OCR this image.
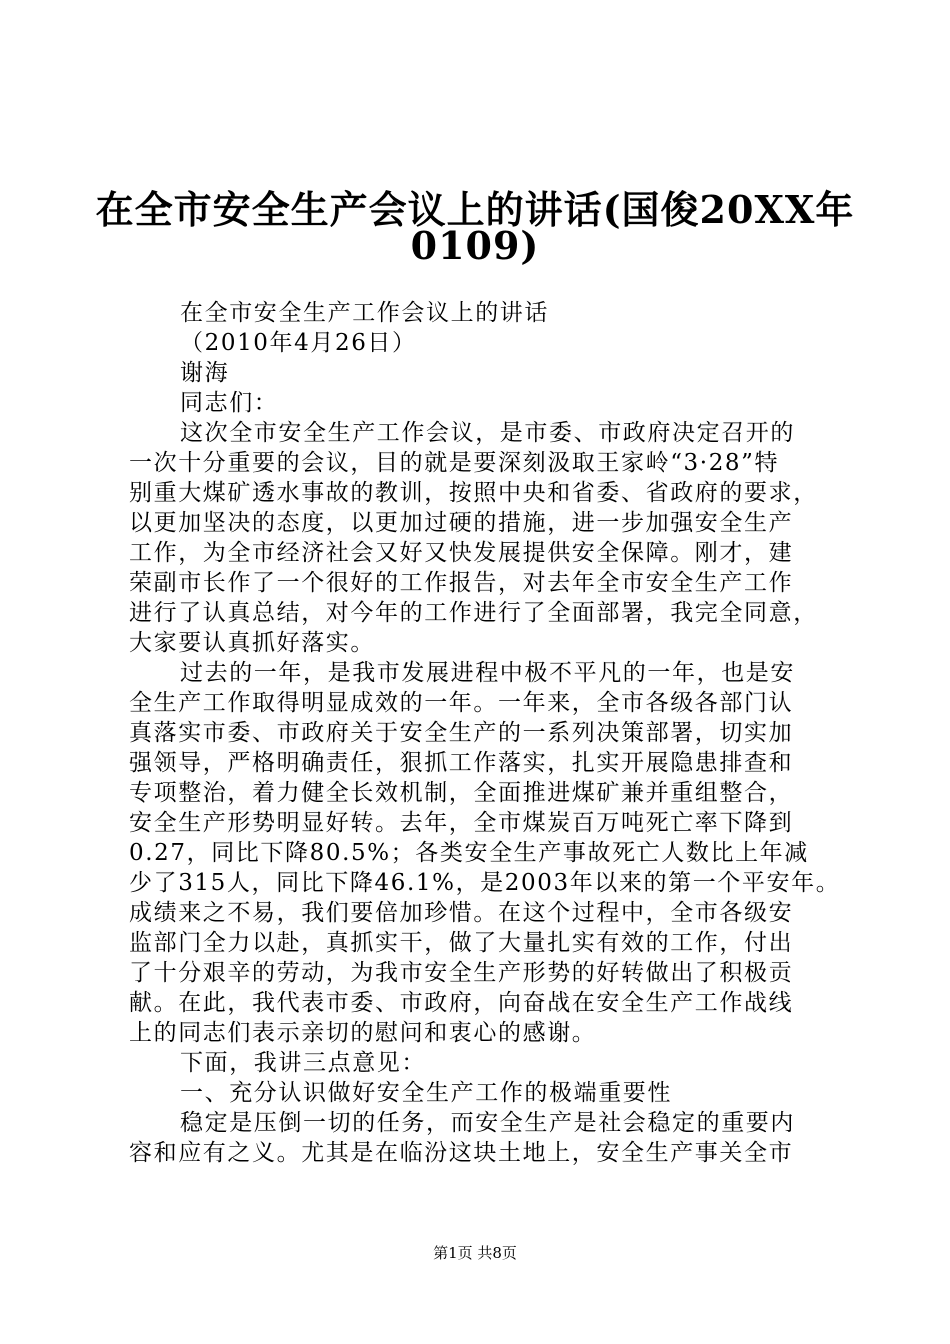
在全市安全生产会议上的讲话(国俊20XX年
0109)
在全市安全生产工作会议上的讲话
（2010年4月26日）
谢海
同志们：
这次全市安全生产工作会议，是市委、市政府决定召开的
一次十分重要的会议，目的就是要深刻汲取王家岭“3·28”特
别重大煤矿透水事故的教训，按照中央和省委、省政府的要求，
以更加坚决的态度，以更加过硬的措施，进一步加强安全生产
工作，为全市经济社会又好又快发展提供安全保障。刚才，建
荣副市长作了一个很好的工作报告，对去年全市安全生产工作
进行了认真总结，对今年的工作进行了全面部署，我完全同意，
大家要认真抓好落实。
过去的一年，是我市发展进程中极不平凡的一年，也是安
全生产工作取得明显成效的一年。一年来，全市各级各部门认
真落实市委、市政府关于安全生产的一系列决策部署，切实加
强领导，严格明确责任，狠抓工作落实，扎实开展隐患排查和
专项整治，着力健全长效机制，全面推进煤矿兼并重组整合，
安全生产形势明显好转。去年，全市煤炭百万吨死亡率下降到
0.27，同比下降80.5%；各类安全生产事故死亡人数比上年减
少了315人，同比下降46.1%，是2003年以来的第一个平安年。
成绩来之不易，我们要倍加珍惜。在这个过程中，全市各级安
监部门全力以赴，真抓实干，做了大量扎实有效的工作，付出
了十分艰辛的劳动，为我市安全生产形势的好转做出了积极贡
献。在此，我代表市委、市政府，向奋战在安全生产工作战线
上的同志们表示亲切的慰问和衷心的感谢。
下面，我讲三点意见：
一、充分认识做好安全生产工作的极端重要性
稳定是压倒一切的任务，而安全生产是社会稳定的重要内
容和应有之义。尤其是在临汾这块土地上，安全生产事关全市
第1页 共8页
